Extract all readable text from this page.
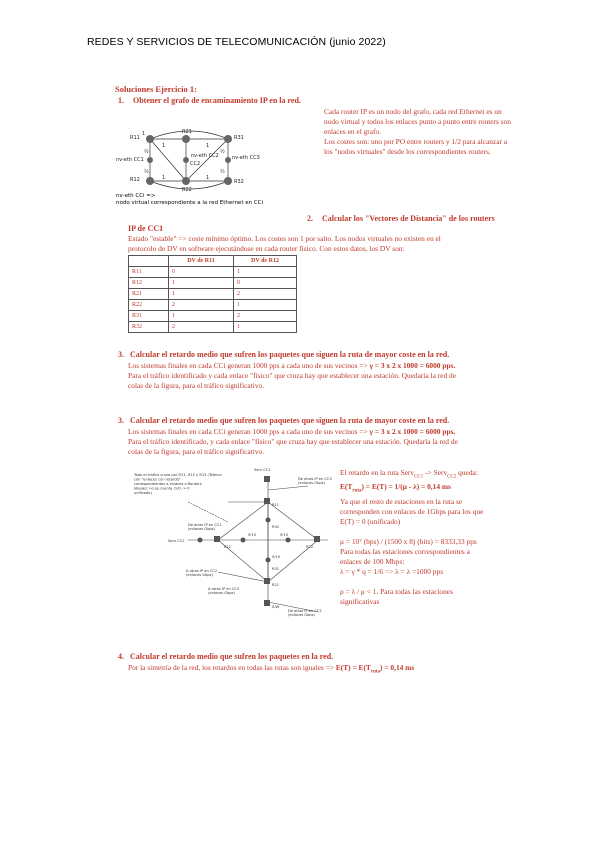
REDES Y SERVICIOS DE TELECOMUNICACIÓN (junio 2022)
Soluciones Ejercicio 1:
1. Obtener el grafo de encaminamiento IP en la red.
Cada router IP es un nodo del grafo, cada red Ethernet es un
nodo virtual y todos los enlaces punto a punto entre routers son
enlaces en el grafo.
Los costes son: uno por PO entre routers y 1/2 para alcanzar a
los "nodos virtuales" desde los correspondientes routers.
R11
R21
R31
R12
R22
R32
CC2
nv-eth CC1
nv-eth CC2	nv-eth CC3
1
1	1
½
½
½
½
1	1
nv-eth CCi =>
nodo virtual correspondiente a la red Ethernet en CCi
2. Calcular los "Vectores de Distancia" de los routers
IP de CC1
Estado "estable" => coste mínimo óptimo. Los costes son 1 por salto. Los nodos virtuales no existen en el
protocolo de DV en software ejecutándose en cada router físico. Con estos datos, los DV son:
	DV de R11	DV de R12
R11	0	1
R12	1	0
R21	1	2
R22	2	1
R31	1	2
R32	2	1
3. Calcular el retardo medio que sufren los paquetes que siguen la ruta de mayor coste en la red.
Los sistemas finales en cada CCi generan 1000 pps a cada uno de sus vecinos => γ = 3 x 2 x 1000 = 6000 pps.
Para el tráfico identificado y cada enlace "físico" que cruza hay que establecer una estación. Quedaría la red de
colas de la figura, para el tráfico significativo.
3. Calcular el retardo medio que sufren los paquetes que siguen la ruta de mayor coste en la red.
Los sistemas finales en cada CCi generan 1000 pps a cada uno de sus vecinos => γ = 3 x 2 x 1000 = 6000 pps.
Para el tráfico identificado, y cada enlace "físico" que cruza hay que establecer una estación. Quedaría la red de
colas de la figura, para el tráfico significativo.
Todo el tráfico cruza por R11, R12 y R13 (Teórico
con "enlaces con retardo"
correspondientes a enlaces a Routers
Ideales: no se cuenta (1/0 -> 0
unificado)
Serv CC1
De otras IP en CC3
(enlaces Gbps)
De otras IP en CC1
(enlaces Gbps)
Serv CC2
A otras IP en CC2
(enlaces Gbps)
A otras IP en CC3
(enlaces Gbps)
De otras IP en CC2
(enlaces Gbps)
R11
R12
R21
R22
R31
R32
S/W
9/10	9/10
9/10
El retardo en la ruta Serv$_{CC1}$ -> Serv$_{CC2}$ queda:
$E(T_{ruta}) = E(T) = 1/(\mu - \lambda) = 0,14$ ms
Ya que el resto de estaciones en la ruta se
corresponden con enlaces de 1Gbps para los que
E(T) = 0 (unificado)
μ = 10⁷ (bps) / (1500 x 8) (bits) = 8333,33 pps
Para todas las estaciones correspondientes a
enlaces de 100 Mbps:
λ = γ * q = 1/6 => λ = λ =1000 pps
ρ = λ / μ < 1. Para todas las estaciones
significativas
4. Calcular el retardo medio que sufren los paquetes en la red.
Por la simetría de la red, los retardos en todas las rutas son iguales => $E(T) = E(T_{ruta}) = 0,14$ ms
